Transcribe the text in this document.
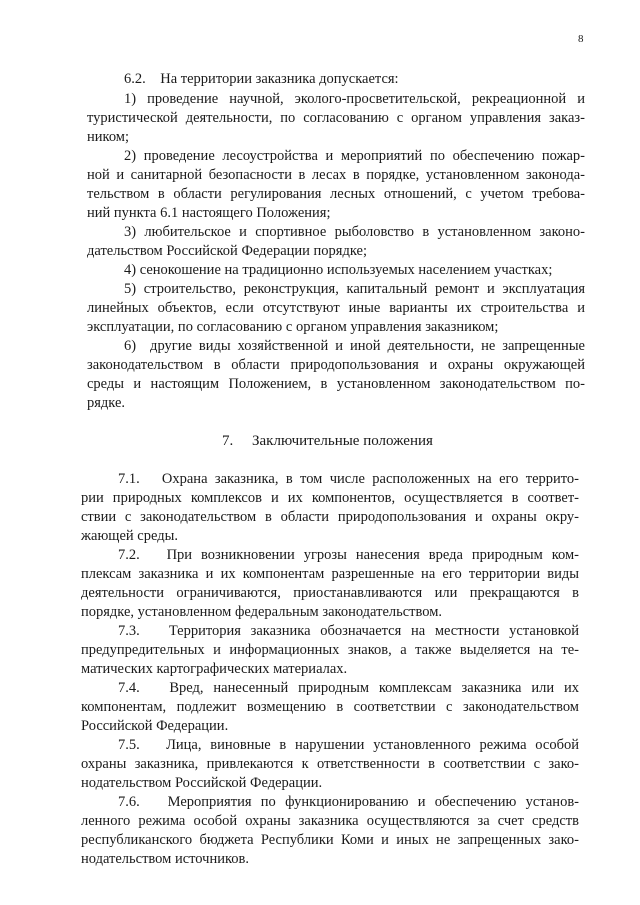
8
6.2.    На территории заказника допускается:
1) проведение научной, эколого-просветительской, рекреационной и
туристической деятельности, по согласованию с органом управления заказ-
ником;
2) проведение лесоустройства и мероприятий по обеспечению пожар-
ной и санитарной безопасности в лесах в порядке, установленном законода-
тельством в области регулирования лесных отношений, с учетом требова-
ний пункта 6.1 настоящего Положения;
3) любительское и спортивное рыболовство в установленном законо-
дательством Российской Федерации порядке;
4) сенокошение на традиционно используемых населением участках;
5) строительство, реконструкция, капитальный ремонт и эксплуатация
линейных объектов, если отсутствуют иные варианты их строительства и
эксплуатации, по согласованию с органом управления заказником;
6)  другие виды хозяйственной и иной деятельности, не запрещенные
законодательством в области природопользования и охраны окружающей
среды и настоящим Положением, в установленном законодательством по-
рядке.
7.     Заключительные положения
7.1.   Охрана заказника, в том числе расположенных на его террито-
рии природных комплексов и их компонентов, осуществляется в соответ-
ствии с законодательством в области природопользования и охраны окру-
жающей среды.
7.2.   При возникновении угрозы нанесения вреда природным ком-
плексам заказника и их компонентам разрешенные на его территории виды
деятельности ограничиваются, приостанавливаются или прекращаются в
порядке, установленном федеральным законодательством.
7.3.   Территория заказника обозначается на местности установкой
предупредительных и информационных знаков, а также выделяется на те-
матических картографических материалах.
7.4.   Вред, нанесенный природным комплексам заказника или их
компонентам, подлежит возмещению в соответствии с законодательством
Российской Федерации.
7.5.   Лица, виновные в нарушении установленного режима особой
охраны заказника, привлекаются к ответственности в соответствии с зако-
нодательством Российской Федерации.
7.6.   Мероприятия по функционированию и обеспечению установ-
ленного режима особой охраны заказника осуществляются за счет средств
республиканского бюджета Республики Коми и иных не запрещенных зако-
нодательством источников.
